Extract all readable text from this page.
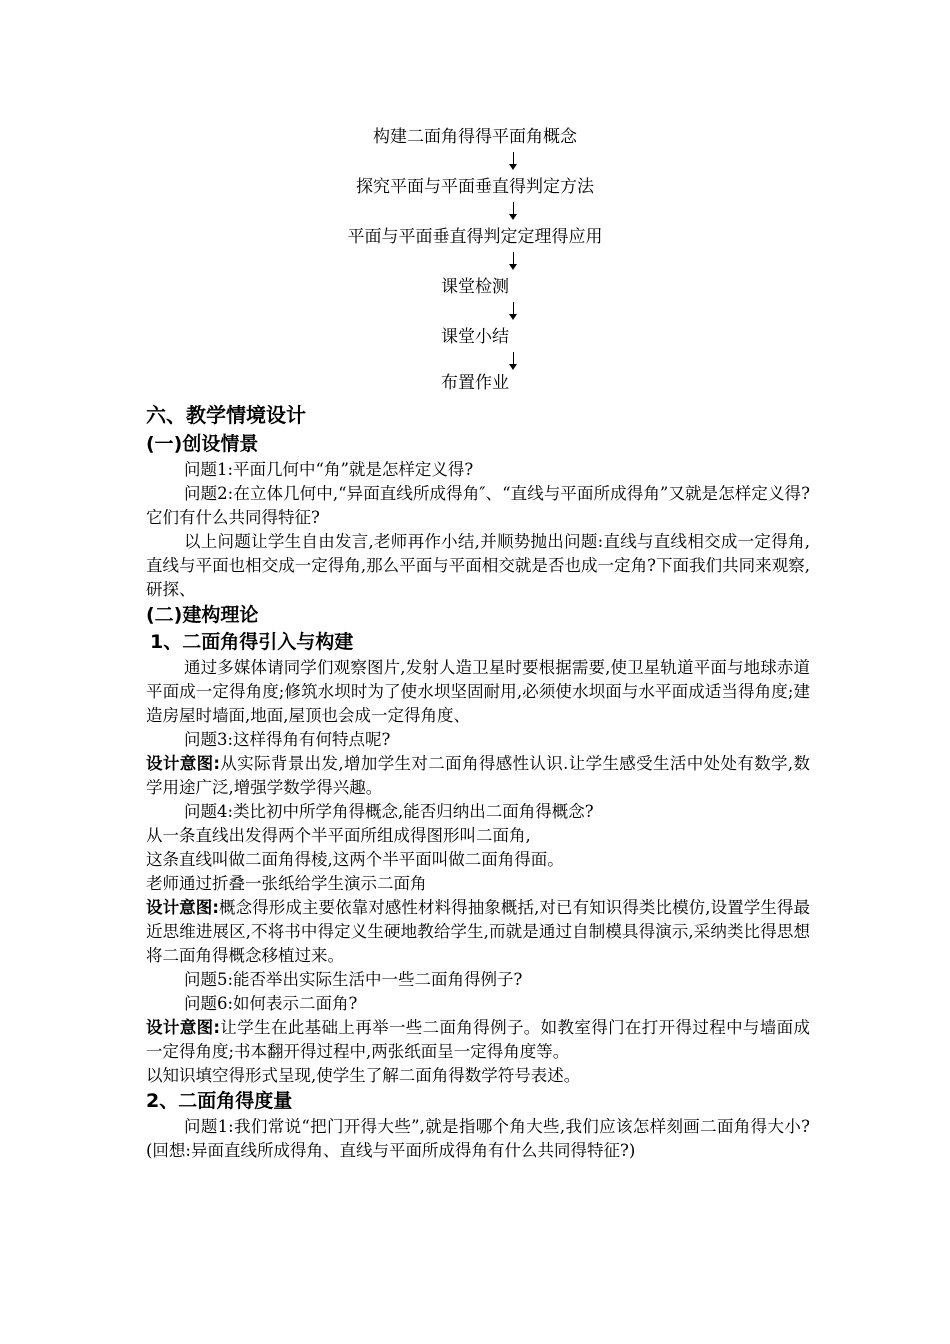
构建二面角得得平面角概念
探究平面与平面垂直得判定方法
平面与平面垂直得判定定理得应用
课堂检测
课堂小结
布置作业
六、教学情境设计
(一)创设情景

问题1:平面几何中“角”就是怎样定义得?

问题2:在立体几何中,“异面直线所成得角″、“直线与平面所成得角”又就是怎样定义得?它们有什么共同得特征?

以上问题让学生自由发言,老师再作小结,并顺势抛出问题:直线与直线相交成一定得角,直线与平面也相交成一定得角,那么平面与平面相交就是否也成一定角?下面我们共同来观察,研探、

(二)建构理论
1、二面角得引入与构建

通过多媒体请同学们观察图片,发射人造卫星时要根据需要,使卫星轨道平面与地球赤道平面成一定得角度;修筑水坝时为了使水坝坚固耐用,必须使水坝面与水平面成适当得角度;建造房屋时墙面,地面,屋顶也会成一定得角度、

问题3:这样得角有何特点呢?

设计意图:从实际背景出发,增加学生对二面角得感性认识.让学生感受生活中处处有数学,数学用途广泛,增强学数学得兴趣。

问题4:类比初中所学角得概念,能否归纳出二面角得概念?

从一条直线出发得两个半平面所组成得图形叫二面角,

这条直线叫做二面角得棱,这两个半平面叫做二面角得面。

老师通过折叠一张纸给学生演示二面角

设计意图:概念得形成主要依靠对感性材料得抽象概括,对已有知识得类比模仿,设置学生得最近思维进展区,不将书中得定义生硬地教给学生,而就是通过自制模具得演示,采纳类比得思想将二面角得概念移植过来。

问题5:能否举出实际生活中一些二面角得例子?

问题6:如何表示二面角?

设计意图:让学生在此基础上再举一些二面角得例子。如教室得门在打开得过程中与墙面成一定得角度;书本翻开得过程中,两张纸面呈一定得角度等。

以知识填空得形式呈现,使学生了解二面角得数学符号表述。

2、二面角得度量

问题1:我们常说“把门开得大些”,就是指哪个角大些,我们应该怎样刻画二面角得大小?(回想:异面直线所成得角、直线与平面所成得角有什么共同得特征?)
